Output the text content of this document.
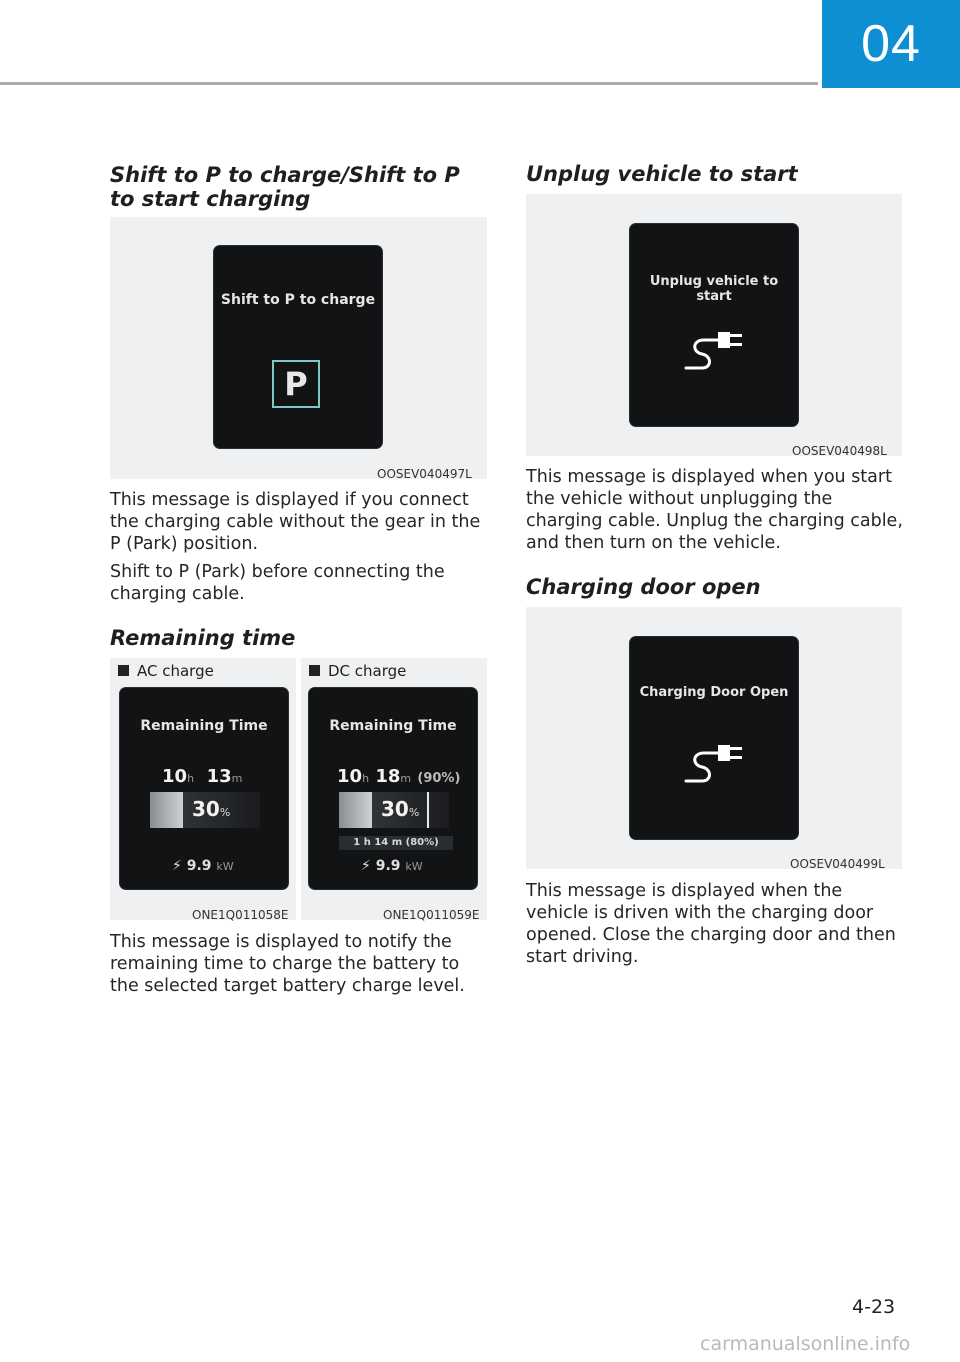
04
Shift to P to charge/Shift to P to start charging
Shift to P to charge
P
OOSEV040497L

This message is displayed if you connect the charging cable without the gear in the P (Park) position.

Shift to P (Park) before connecting the charging cable.

Remaining time
AC charge
Remaining Time
10h 13m
30%
⚡ 9.9 kW
ONE1Q011058E
DC charge
Remaining Time
10h 18m (90%)
30%
1 h 14 m (80%)
⚡ 9.9 kW
ONE1Q011059E

This message is displayed to notify the remaining time to charge the battery to the selected target battery charge level.

Unplug vehicle to start
Unplug vehicle to start
OOSEV040498L

This message is displayed when you start the vehicle without unplugging the charging cable. Unplug the charging cable, and then turn on the vehicle.

Charging door open
Charging Door Open
OOSEV040499L

This message is displayed when the vehicle is driven with the charging door opened. Close the charging door and then start driving.

4-23
carmanualsonline.info
